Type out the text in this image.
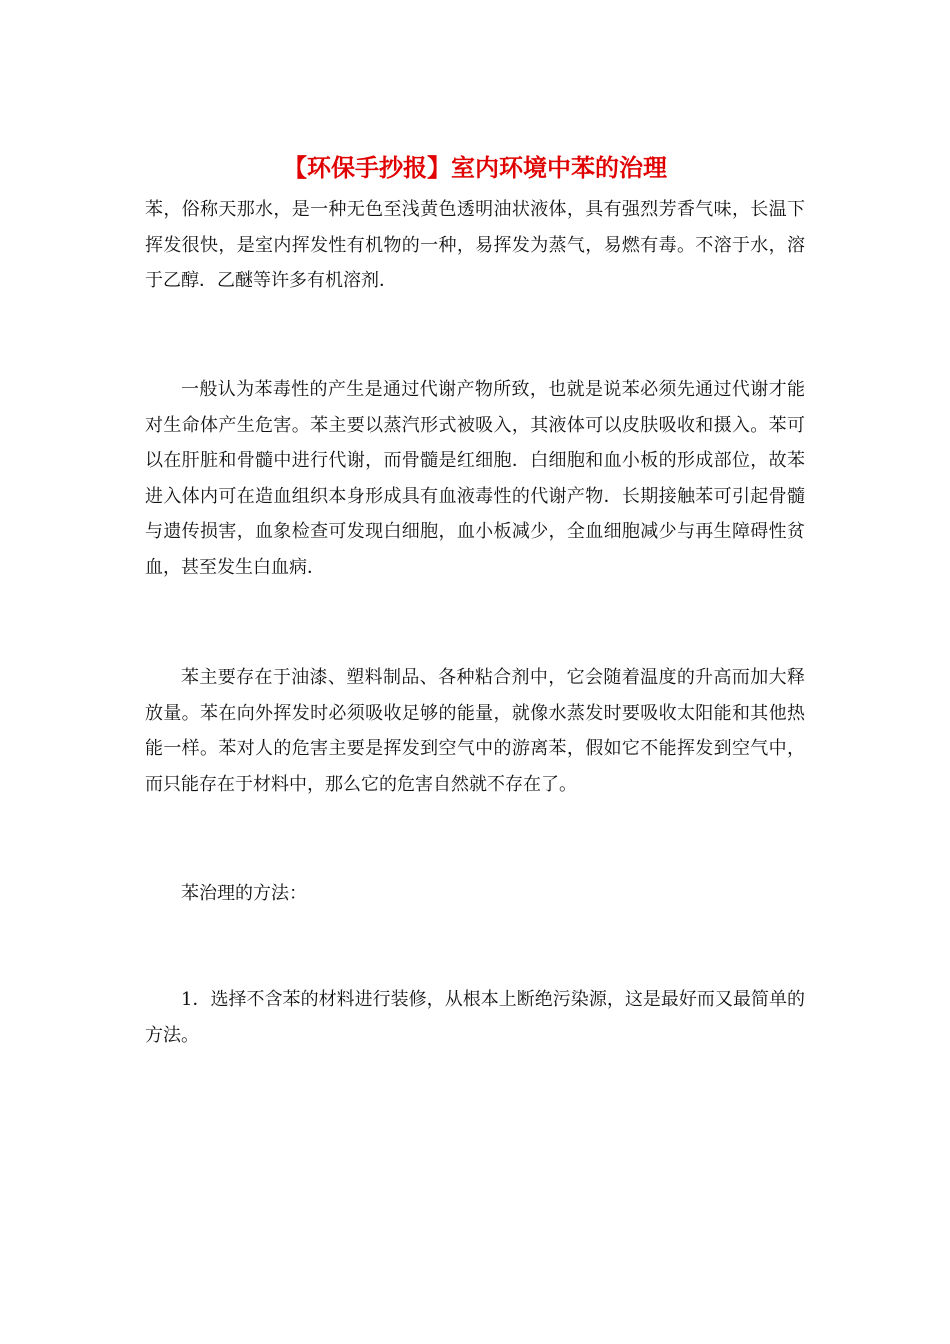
【环保手抄报】室内环境中苯的治理

苯，俗称天那水，是一种无色至浅黄色透明油状液体，具有强烈芳香气味，长温下挥发很快，是室内挥发性有机物的一种，易挥发为蒸气，易燃有毒。不溶于水，溶于乙醇．乙醚等许多有机溶剂．

一般认为苯毒性的产生是通过代谢产物所致，也就是说苯必须先通过代谢才能对生命体产生危害。苯主要以蒸汽形式被吸入，其液体可以皮肤吸收和摄入。苯可以在肝脏和骨髓中进行代谢，而骨髓是红细胞．白细胞和血小板的形成部位，故苯进入体内可在造血组织本身形成具有血液毒性的代谢产物．长期接触苯可引起骨髓与遗传损害，血象检查可发现白细胞，血小板减少，全血细胞减少与再生障碍性贫血，甚至发生白血病．

苯主要存在于油漆、塑料制品、各种粘合剂中，它会随着温度的升高而加大释放量。苯在向外挥发时必须吸收足够的能量，就像水蒸发时要吸收太阳能和其他热能一样。苯对人的危害主要是挥发到空气中的游离苯，假如它不能挥发到空气中，而只能存在于材料中，那么它的危害自然就不存在了。

苯治理的方法：

1．选择不含苯的材料进行装修，从根本上断绝污染源，这是最好而又最简单的方法。
